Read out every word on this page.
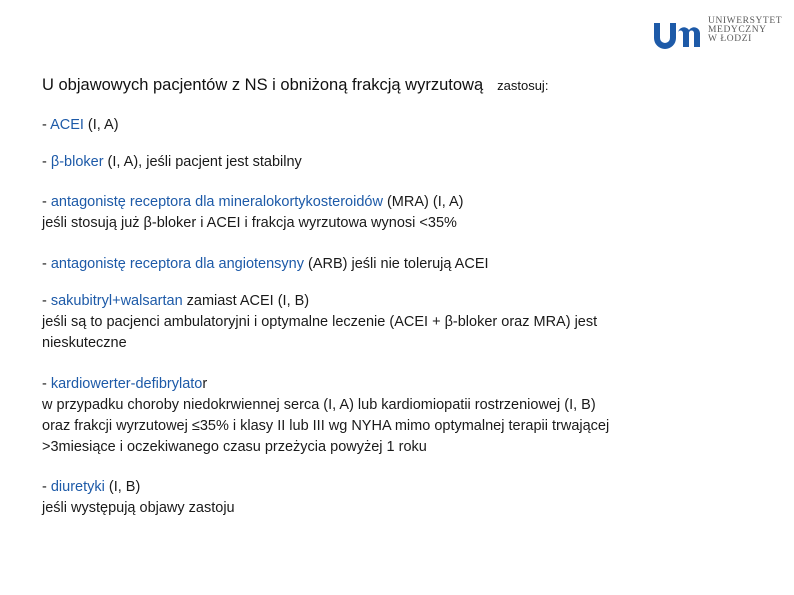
UNIWERSYTET
MEDYCZNY
W ŁODZI
U objawowych pacjentów z NS i obniżoną frakcją wyrzutową zastosuj:
- ACEI (I, A)
- β-bloker (I, A), jeśli pacjent jest stabilny
- antagonistę receptora dla mineralokortykosteroidów (MRA) (I, A)
jeśli stosują już β-bloker i ACEI i frakcja wyrzutowa wynosi <35%
- antagonistę receptora dla angiotensyny (ARB) jeśli nie tolerują ACEI
- sakubitryl+walsartan zamiast ACEI (I, B)
jeśli są to pacjenci ambulatoryjni i optymalne leczenie (ACEI + β-bloker oraz MRA) jest
nieskuteczne
- kardiowerter-defibrylator
w przypadku choroby niedokrwiennej serca (I, A) lub kardiomiopatii rostrzeniowej (I, B)
oraz frakcji wyrzutowej ≤35% i klasy II lub III wg NYHA mimo optymalnej terapii trwającej
>3miesiące i oczekiwanego czasu przeżycia powyżej 1 roku
- diuretyki (I, B)
jeśli występują objawy zastoju
